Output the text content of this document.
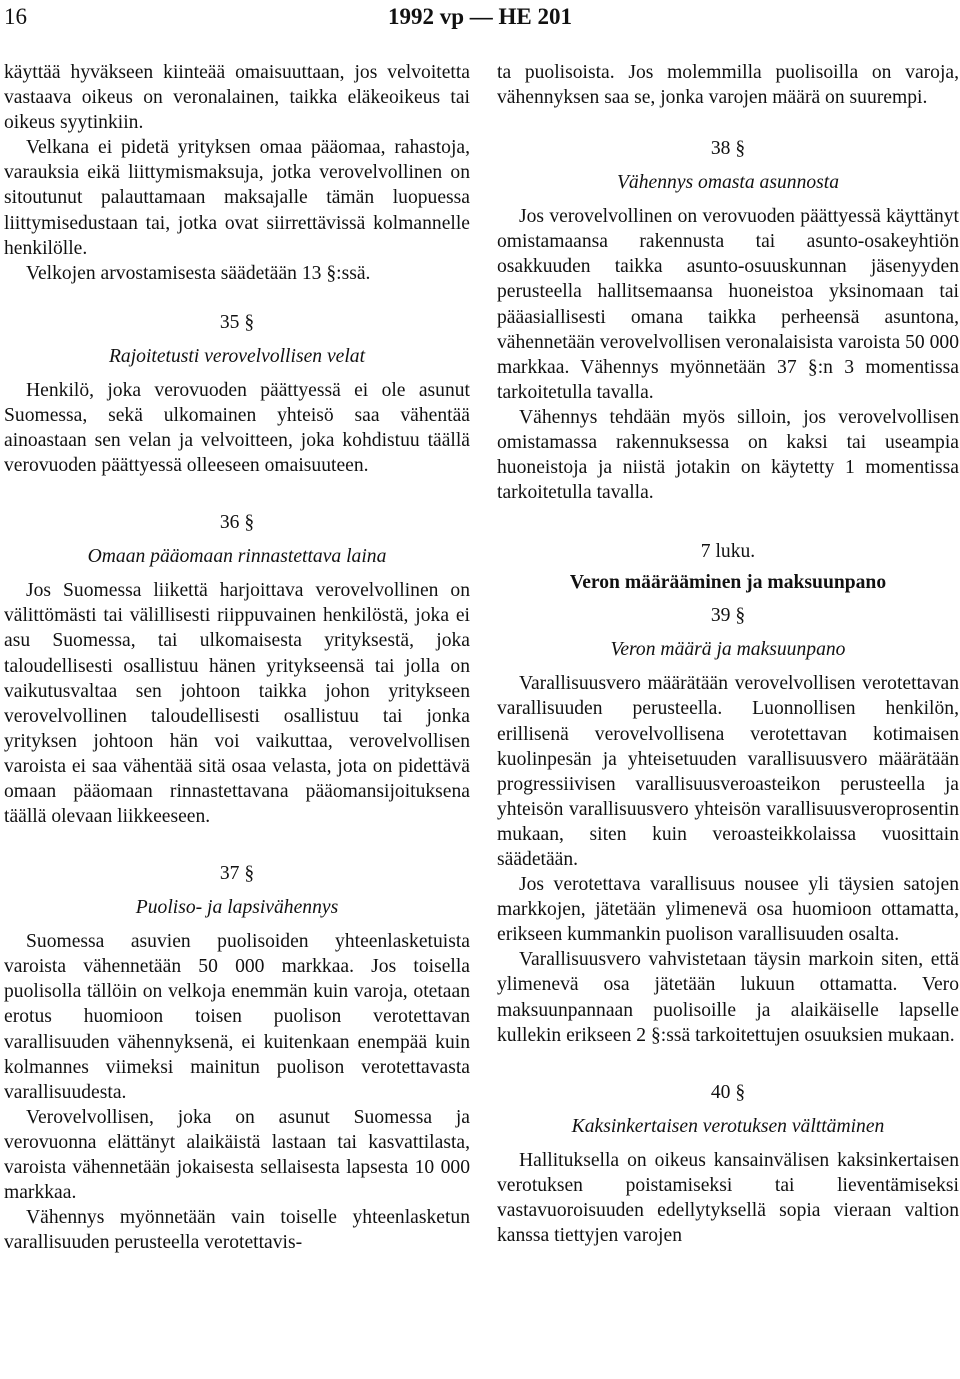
16	1992 vp — HE 201

käyttää hyväkseen kiinteää omaisuuttaan, jos velvoitetta vastaava oikeus on veronalainen, taikka eläkeoikeus tai oikeus syytinkiin.

Velkana ei pidetä yrityksen omaa pääomaa, rahastoja, varauksia eikä liittymismaksuja, jotka verovelvollinen on sitoutunut palauttamaan maksajalle tämän luopuessa liittymisedustaan tai, jotka ovat siirrettävissä kolmannelle henkilölle.

Velkojen arvostamisesta säädetään 13 §:ssä.

35 §
Rajoitetusti verovelvollisen velat

Henkilö, joka verovuoden päättyessä ei ole asunut Suomessa, sekä ulkomainen yhteisö saa vähentää ainoastaan sen velan ja velvoitteen, joka kohdistuu täällä verovuoden päättyessä olleeseen omaisuuteen.

36 §
Omaan pääomaan rinnastettava laina

Jos Suomessa liikettä harjoittava verovelvollinen on välittömästi tai välillisesti riippuvainen henkilöstä, joka ei asu Suomessa, tai ulkomaisesta yrityksestä, joka taloudellisesti osallistuu hänen yritykseensä tai jolla on vaikutusvaltaa sen johtoon taikka johon yritykseen verovelvollinen taloudellisesti osallistuu tai jonka yrityksen johtoon hän voi vaikuttaa, verovelvollisen varoista ei saa vähentää sitä osaa velasta, jota on pidettävä omaan pääomaan rinnastettavana pääomansijoituksena täällä olevaan liikkeeseen.

37 §
Puoliso- ja lapsivähennys

Suomessa asuvien puolisoiden yhteenlasketuista varoista vähennetään 50 000 markkaa. Jos toisella puolisolla tällöin on velkoja enemmän kuin varoja, otetaan erotus huomioon toisen puolison verotettavan varallisuuden vähennyksenä, ei kuitenkaan enempää kuin kolmannes viimeksi mainitun puolison verotettavasta varallisuudesta.

Verovelvollisen, joka on asunut Suomessa ja verovuonna elättänyt alaikäistä lastaan tai kasvattilasta, varoista vähennetään jokaisesta sellaisesta lapsesta 10 000 markkaa.

Vähennys myönnetään vain toiselle yhteenlasketun varallisuuden perusteella verotettavis-

ta puolisoista. Jos molemmilla puolisoilla on varoja, vähennyksen saa se, jonka varojen määrä on suurempi.

38 §
Vähennys omasta asunnosta

Jos verovelvollinen on verovuoden päättyessä käyttänyt omistamaansa rakennusta tai asunto-osakeyhtiön osakkuuden taikka asunto-osuuskunnan jäsenyyden perusteella hallitsemaansa huoneistoa yksinomaan tai pääasiallisesti omana taikka perheensä asuntona, vähennetään verovelvollisen veronalaisista varoista 50 000 markkaa. Vähennys myönnetään 37 §:n 3 momentissa tarkoitetulla tavalla.

Vähennys tehdään myös silloin, jos verovelvollisen omistamassa rakennuksessa on kaksi tai useampia huoneistoja ja niistä jotakin on käytetty 1 momentissa tarkoitetulla tavalla.

7 luku.
Veron määrääminen ja maksuunpano
39 §
Veron määrä ja maksuunpano

Varallisuusvero määrätään verovelvollisen verotettavan varallisuuden perusteella. Luonnollisen henkilön, erillisenä verovelvollisena verotettavan kotimaisen kuolinpesän ja yhteisetuuden varallisuusvero määrätään progressiivisen varallisuusveroasteikon perusteella ja yhteisön varallisuusvero yhteisön varallisuusveroprosentin mukaan, siten kuin veroasteikkolaissa vuosittain säädetään.

Jos verotettava varallisuus nousee yli täysien satojen markkojen, jätetään ylimenevä osa huomioon ottamatta, erikseen kummankin puolison varallisuuden osalta.

Varallisuusvero vahvistetaan täysin markoin siten, että ylimenevä osa jätetään lukuun ottamatta. Vero maksuunpannaan puolisoille ja alaikäiselle lapselle kullekin erikseen 2 §:ssä tarkoitettujen osuuksien mukaan.

40 §
Kaksinkertaisen verotuksen välttäminen

Hallituksella on oikeus kansainvälisen kaksinkertaisen verotuksen poistamiseksi tai lieventämiseksi vastavuoroisuuden edellytyksellä sopia vieraan valtion kanssa tiettyjen varojen
